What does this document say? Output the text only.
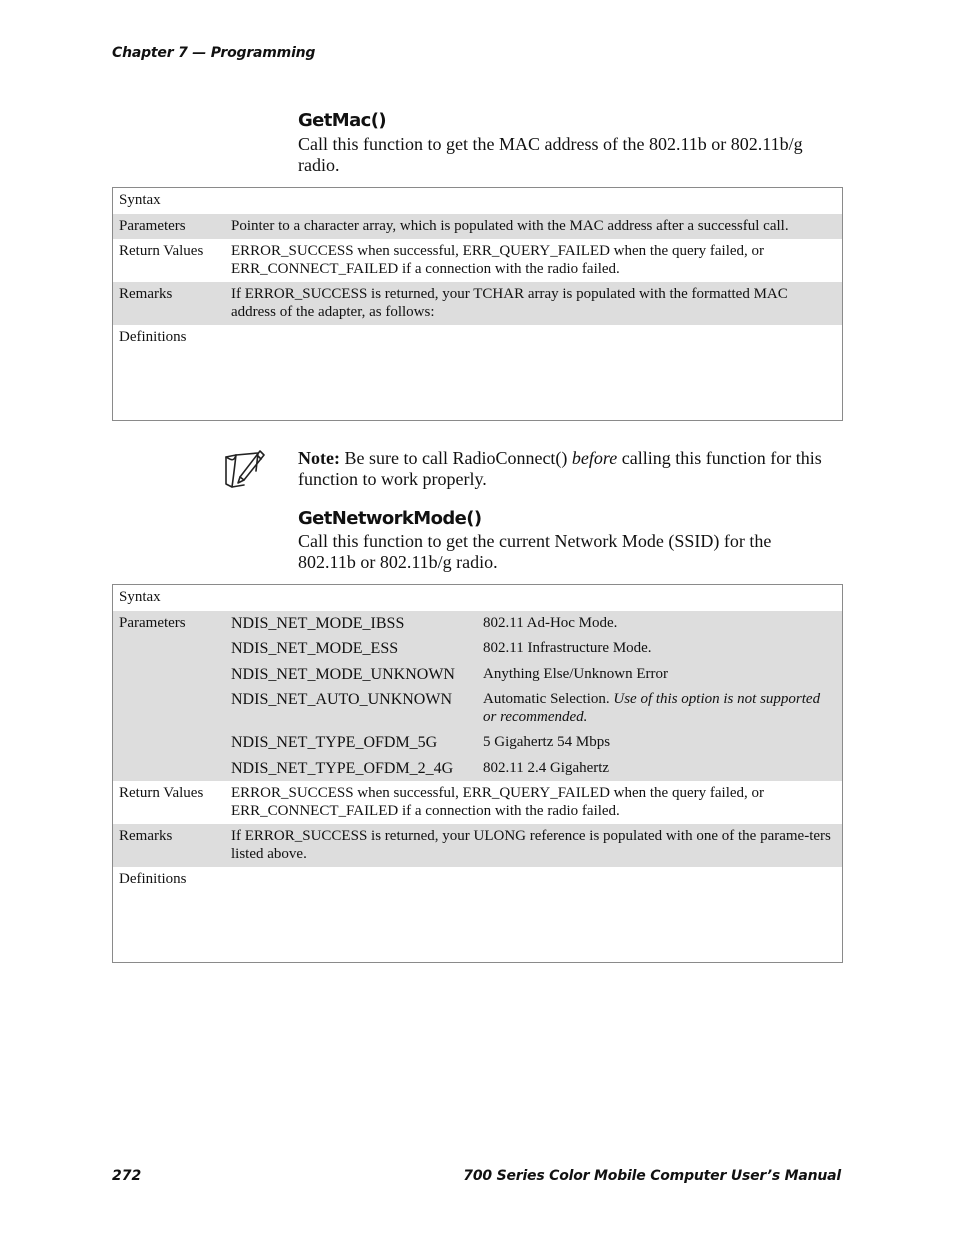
Chapter 7 — Programming
GetMac()
Call this function to get the MAC address of the 802.11b or 802.11b/g radio.
Syntax	
Parameters	Pointer to a character array, which is populated with the MAC address after a successful call.
Return Values	ERROR_SUCCESS when successful, ERR_QUERY_FAILED when the query failed, or ERR_CONNECT_FAILED if a connection with the radio failed.
Remarks	If ERROR_SUCCESS is returned, your TCHAR array is populated with the formatted MAC address of the adapter, as follows:
Definitions	
Note: Be sure to call RadioConnect() before calling this function for this function to work properly.
GetNetworkMode()
Call this function to get the current Network Mode (SSID) for the 802.11b or 802.11b/g radio.
Syntax	
Parameters		NDIS_NET_MODE_IBSS	802.11 Ad-Hoc Mode.
NDIS_NET_MODE_ESS	802.11 Infrastructure Mode.
NDIS_NET_MODE_UNKNOWN	Anything Else/Unknown Error
NDIS_NET_AUTO_UNKNOWN	Automatic Selection. Use of this option is not supported or recommended.
NDIS_NET_TYPE_OFDM_5G	5 Gigahertz 54 Mbps
NDIS_NET_TYPE_OFDM_2_4G	802.11 2.4 Gigahertz

Return Values	ERROR_SUCCESS when successful, ERR_QUERY_FAILED when the query failed, or ERR_CONNECT_FAILED if a connection with the radio failed.
Remarks	If ERROR_SUCCESS is returned, your ULONG reference is populated with one of the parame-ters listed above.
Definitions	
272	700 Series Color Mobile Computer User’s Manual
